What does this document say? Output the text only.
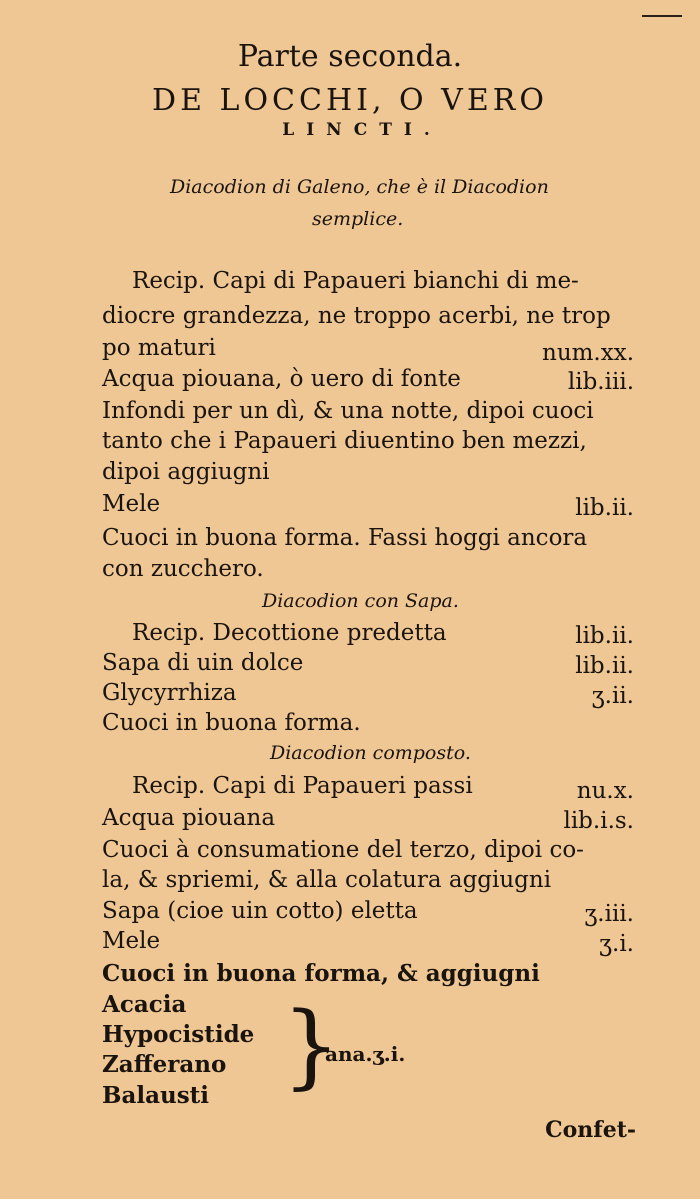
Parte seconda.
DE LOCCHI, O VERO
LINCTI.
Diacodion di Galeno, che è il Diacodion
semplice.
Recip. Capi di Papaueri bianchi di me-
diocre grandezza, ne troppo acerbi, ne trop
po maturi	num.xx.
Acqua piouana, ò uero di fonte	lib.iii.
Infondi per un dì, & una notte, dipoi cuoci
tanto che i Papaueri diuentino ben mezzi,
dipoi aggiugni
Mele	lib.ii.
Cuoci in buona forma. Fassi hoggi ancora
con zucchero.
Diacodion con Sapa.
Recip. Decottione predetta	lib.ii.
Sapa di uin dolce	lib.ii.
Glycyrrhiza	ʒ.ii.
Cuoci in buona forma.
Diacodion composto.
Recip. Capi di Papaueri passi	nu.x.
Acqua piouana	lib.i.s.
Cuoci à consumatione del terzo, dipoi co-
la, & spriemi, & alla colatura aggiugni
Sapa (cioe uin cotto) eletta	ʒ.iii.
Mele	ʒ.i.
Cuoci in buona forma, & aggiugni
Acacia
Hypocistide
Zafferano
Balausti }
ana.ʒ.i.
Confet-
